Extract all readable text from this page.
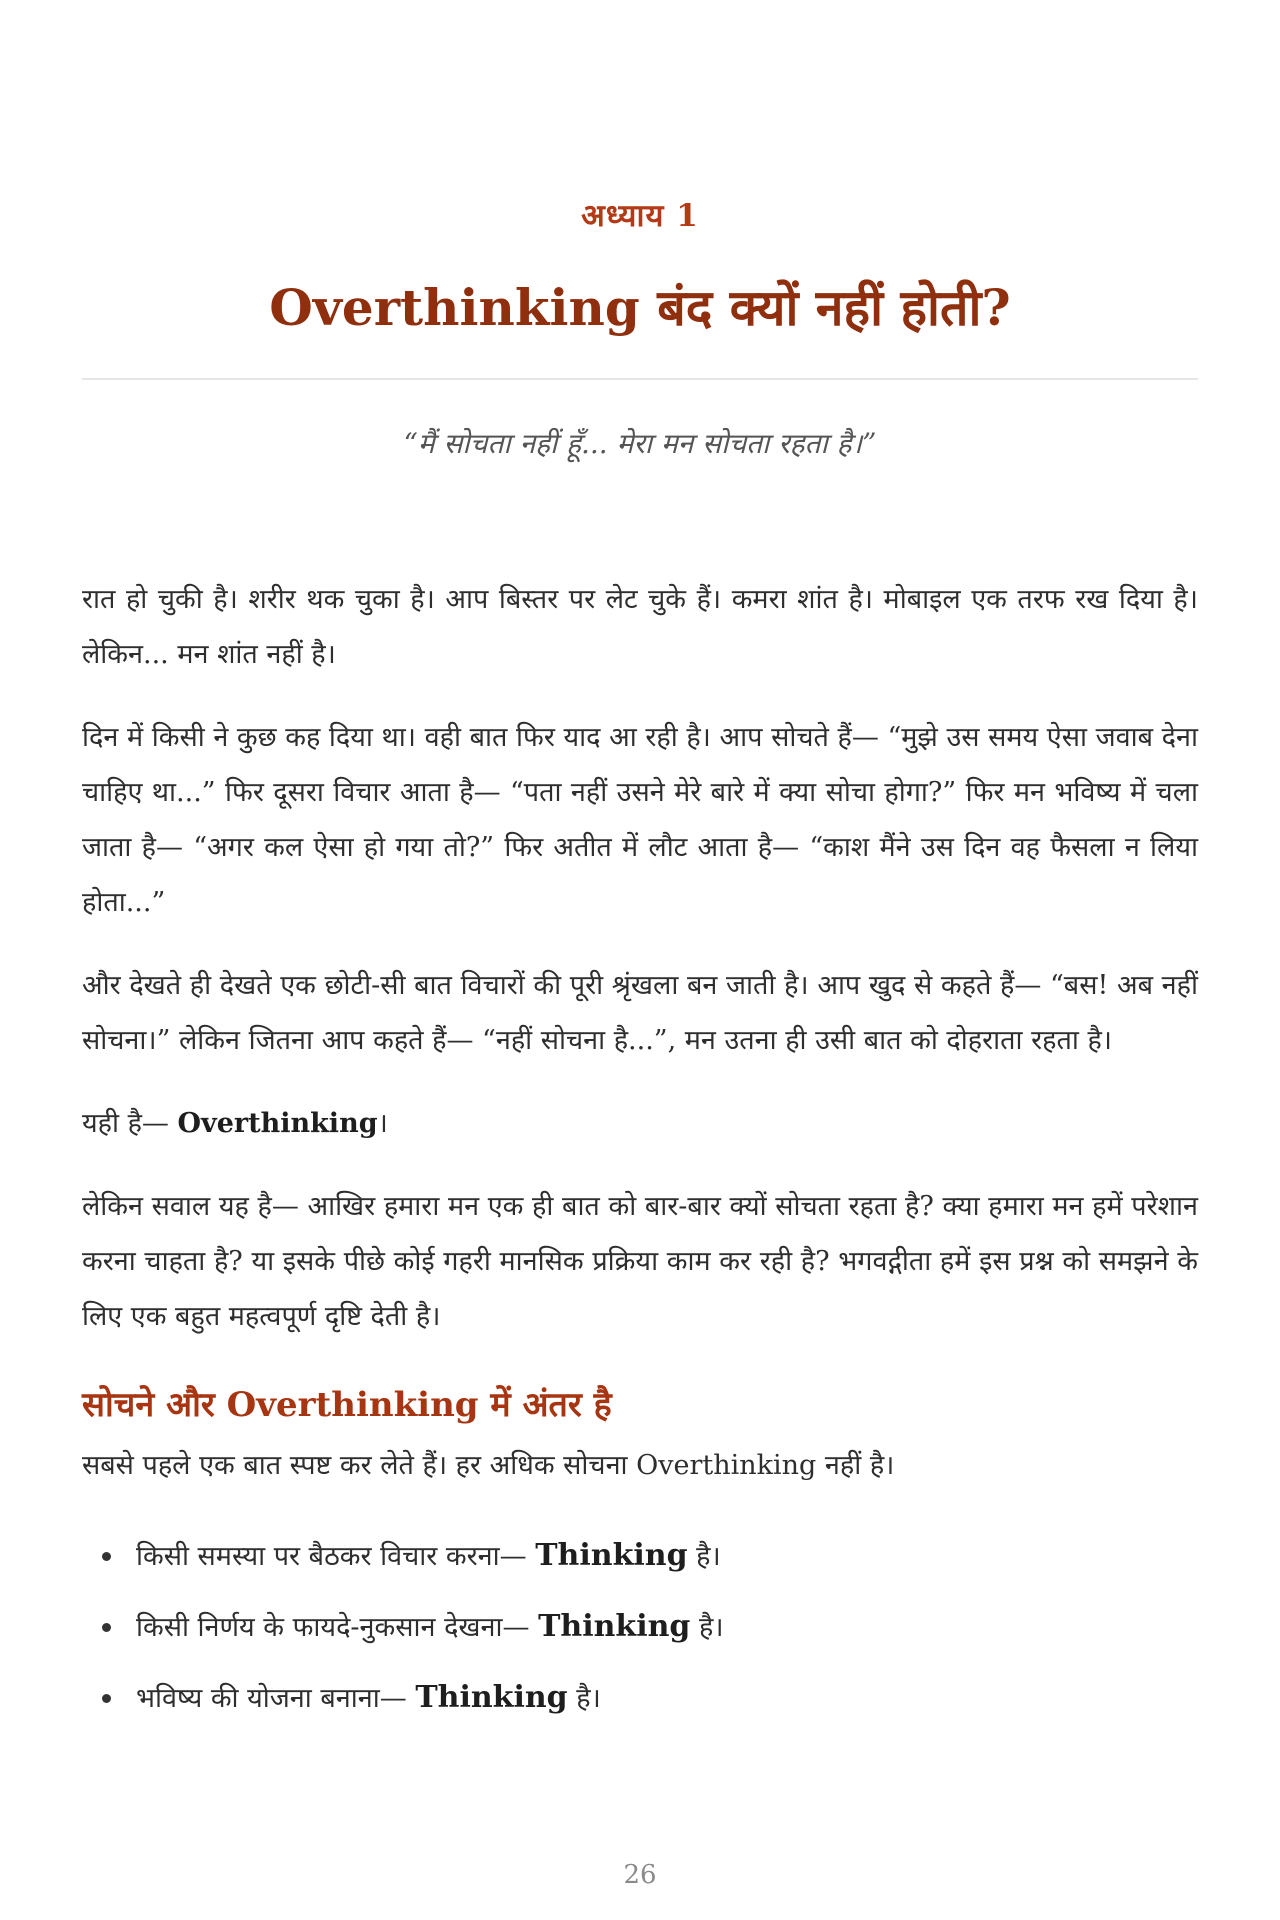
अध्याय 1
Overthinking बंद क्यों नहीं होती?

“मैं सोचता नहीं हूँ... मेरा मन सोचता रहता है।”

रात हो चुकी है। शरीर थक चुका है। आप बिस्तर पर लेट चुके हैं। कमरा शांत है। मोबाइल एक तरफ रख दिया है। लेकिन... मन शांत नहीं है।

दिन में किसी ने कुछ कह दिया था। वही बात फिर याद आ रही है। आप सोचते हैं— “मुझे उस समय ऐसा जवाब देना चाहिए था...” फिर दूसरा विचार आता है— “पता नहीं उसने मेरे बारे में क्या सोचा होगा?” फिर मन भविष्य में चला जाता है— “अगर कल ऐसा हो गया तो?” फिर अतीत में लौट आता है— “काश मैंने उस दिन वह फैसला न लिया होता...”

और देखते ही देखते एक छोटी-सी बात विचारों की पूरी श्रृंखला बन जाती है। आप खुद से कहते हैं— “बस! अब नहीं सोचना।” लेकिन जितना आप कहते हैं— “नहीं सोचना है...”, मन उतना ही उसी बात को दोहराता रहता है।

यही है— Overthinking।

लेकिन सवाल यह है— आखिर हमारा मन एक ही बात को बार-बार क्यों सोचता रहता है? क्या हमारा मन हमें परेशान करना चाहता है? या इसके पीछे कोई गहरी मानसिक प्रक्रिया काम कर रही है? भगवद्गीता हमें इस प्रश्न को समझने के लिए एक बहुत महत्वपूर्ण दृष्टि देती है।

सोचने और Overthinking में अंतर है

सबसे पहले एक बात स्पष्ट कर लेते हैं। हर अधिक सोचना Overthinking नहीं है।

किसी समस्या पर बैठकर विचार करना— Thinking है।
किसी निर्णय के फायदे-नुकसान देखना— Thinking है।
भविष्य की योजना बनाना— Thinking है।
26
